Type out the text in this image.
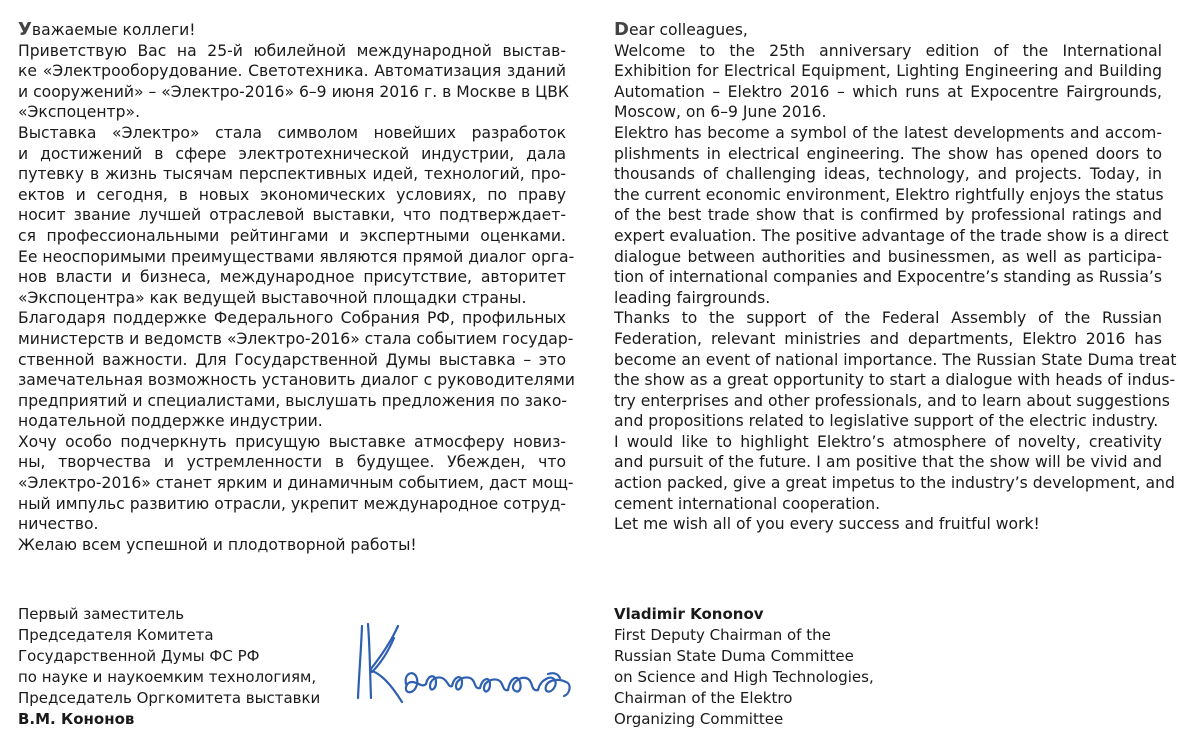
Уважаемые коллеги!

Приветствую Вас на 25-й юбилейной международной выстав-
ке «Электрооборудование. Светотехника. Автоматизация зданий
и сооружений» – «Электро-2016» 6–9 июня 2016 г. в Москве в ЦВК
«Экспоцентр».

Выставка «Электро» стала символом новейших разработок
и достижений в сфере электротехнической индустрии, дала
путевку в жизнь тысячам перспективных идей, технологий, про-
ектов и сегодня, в новых экономических условиях, по праву
носит звание лучшей отраслевой выставки, что подтверждает-
ся профессиональными рейтингами и экспертными оценками.
Ее неоспоримыми преимуществами являются прямой диалог орга-
нов власти и бизнеса, международное присутствие, авторитет
«Экспоцентра» как ведущей выставочной площадки страны.

Благодаря поддержке Федерального Собрания РФ, профильных
министерств и ведомств «Электро-2016» стала событием государ-
ственной важности. Для Государственной Думы выставка – это
замечательная возможность установить диалог с руководителями
предприятий и специалистами, выслушать предложения по зако-
нодательной поддержке индустрии.

Хочу особо подчеркнуть присущую выставке атмосферу новиз-
ны, творчества и устремленности в будущее. Убежден, что
«Электро-2016» станет ярким и динамичным событием, даст мощ-
ный импульс развитию отрасли, укрепит международное сотруд-
ничество.

Желаю всем успешной и плодотворной работы!

Dear colleagues,

Welcome to the 25th anniversary edition of the International
Exhibition for Electrical Equipment, Lighting Engineering and Building
Automation – Elektro 2016 – which runs at Expocentre Fairgrounds,
Moscow, on 6–9 June 2016.

Elektro has become a symbol of the latest developments and accom-
plishments in electrical engineering. The show has opened doors to
thousands of challenging ideas, technology, and projects. Today, in
the current economic environment, Elektro rightfully enjoys the status
of the best trade show that is confirmed by professional ratings and
expert evaluation. The positive advantage of the trade show is a direct
dialogue between authorities and businessmen, as well as participa-
tion of international companies and Expocentre’s standing as Russia’s
leading fairgrounds.

Thanks to the support of the Federal Assembly of the Russian
Federation, relevant ministries and departments, Elektro 2016 has
become an event of national importance. The Russian State Duma treat
the show as a great opportunity to start a dialogue with heads of indus-
try enterprises and other professionals, and to learn about suggestions
and propositions related to legislative support of the electric industry.

I would like to highlight Elektro’s atmosphere of novelty, creativity
and pursuit of the future. I am positive that the show will be vivid and
action packed, give a great impetus to the industry’s development, and
cement international cooperation.

Let me wish all of you every success and fruitful work!

Первый заместитель
Председателя Комитета
Государственной Думы ФС РФ
по науке и наукоемким технологиям,
Председатель Оргкомитета выставки
В.М. Кононов
Vladimir Kononov
First Deputy Chairman of the
Russian State Duma Committee
on Science and High Technologies,
Chairman of the Elektro
Organizing Committee
